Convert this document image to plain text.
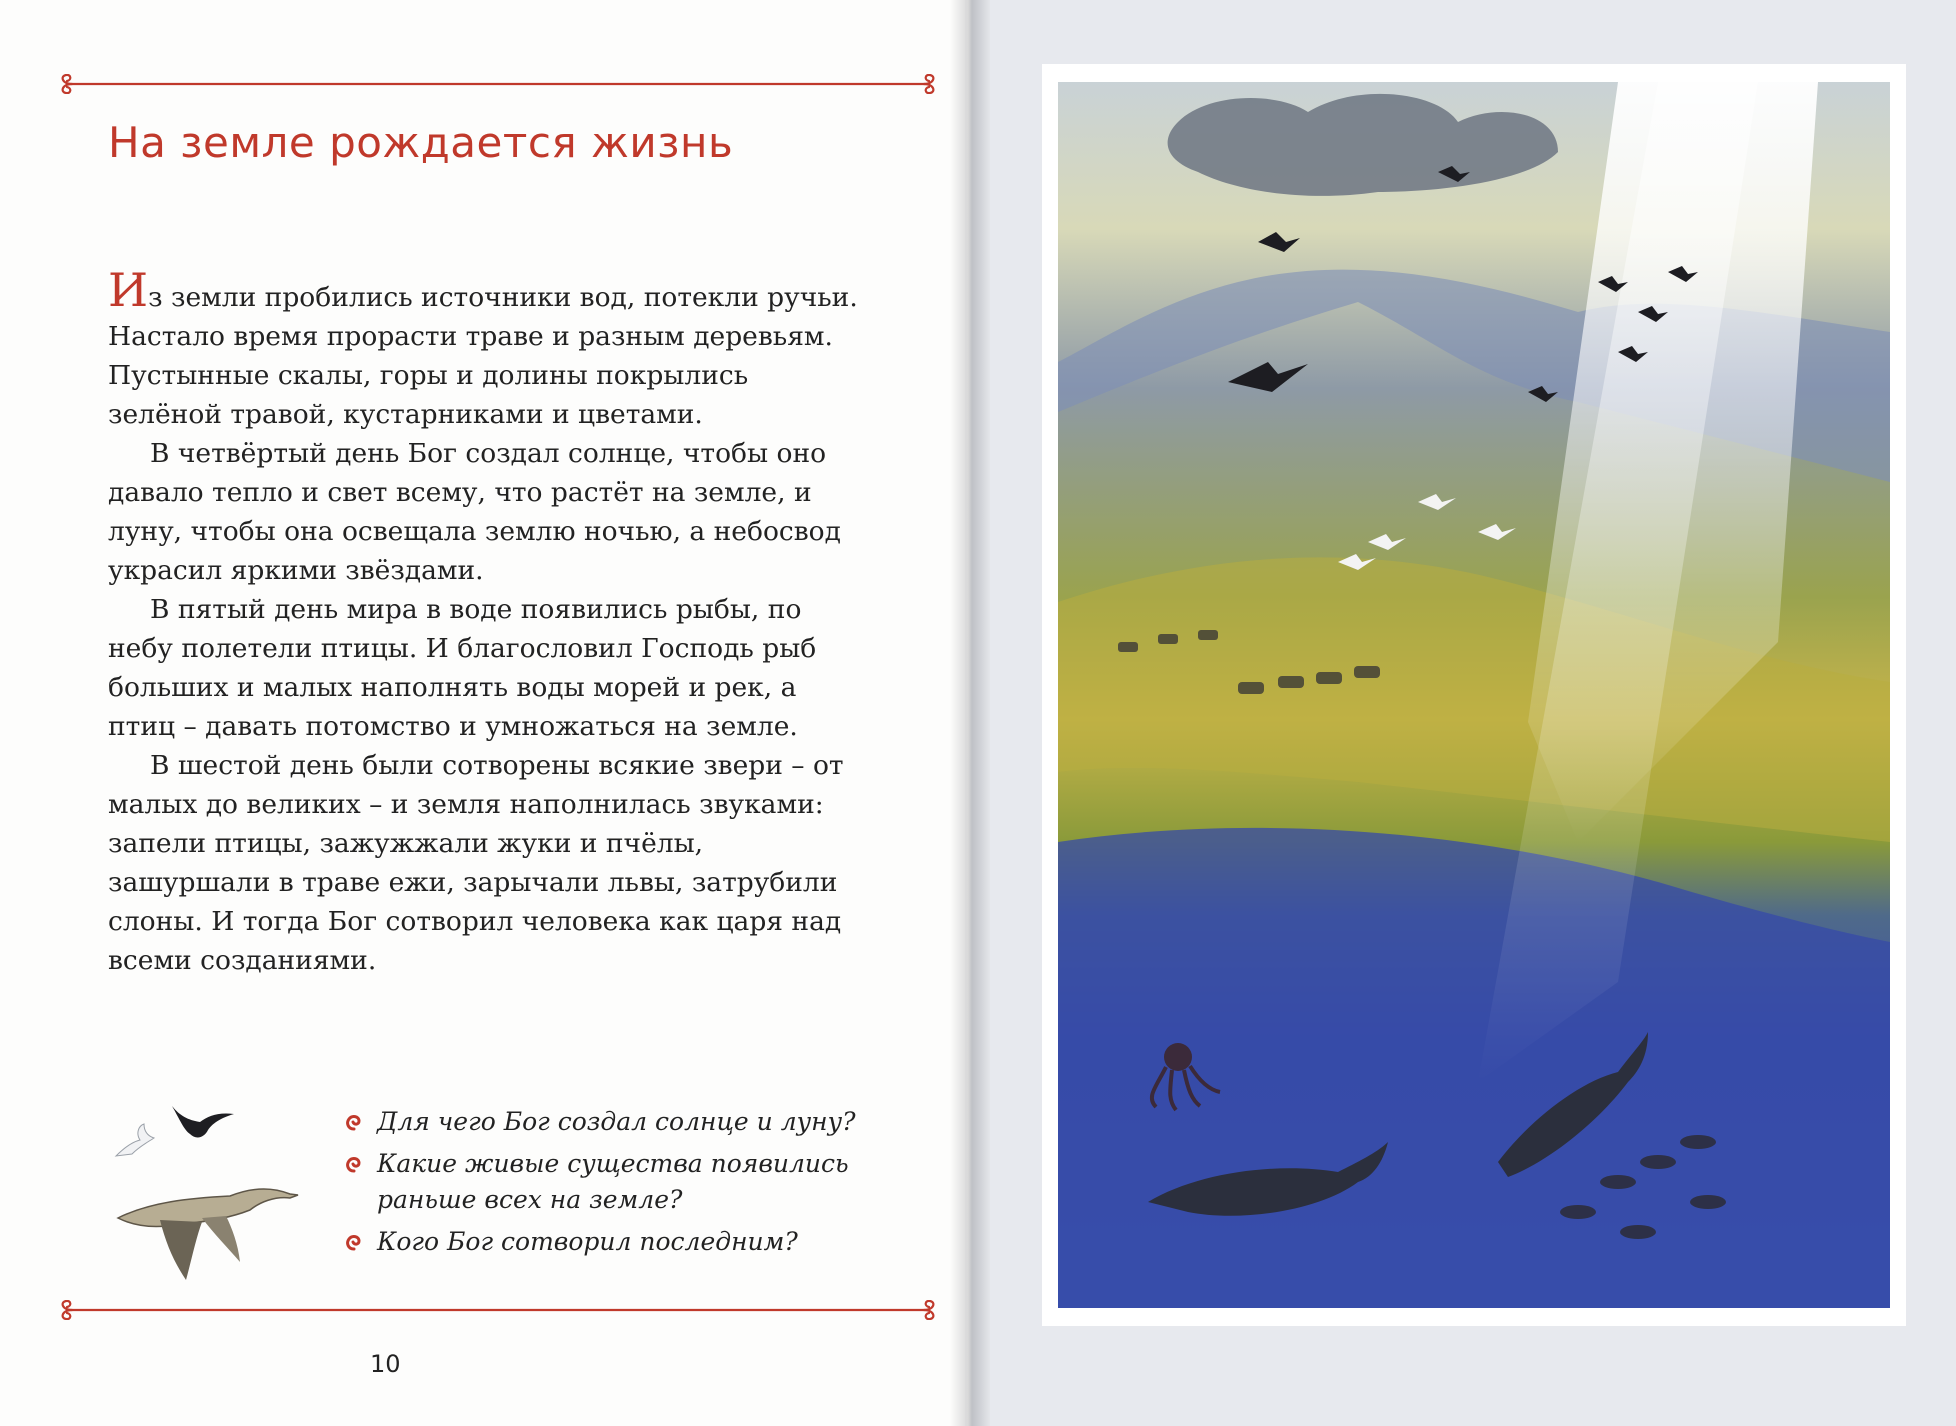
На земле рождается жизнь

Из земли пробились источники вод, потекли ручьи. Настало время прорасти траве и разным деревьям. Пустынные скалы, горы и долины покрылись зелёной травой, кустарниками и цветами.

В четвёртый день Бог создал солнце, чтобы оно давало тепло и свет всему, что растёт на земле, и луну, чтобы она освещала землю ночью, а небосвод украсил яркими звёздами.

В пятый день мира в воде появились рыбы, по небу полетели птицы. И благословил Господь рыб больших и малых наполнять воды морей и рек, а птиц – давать потомство и умножаться на земле.

В шестой день были сотворены всякие звери – от малых до великих – и земля наполнилась звуками: запели птицы, зажужжали жуки и пчёлы, зашуршали в траве ежи, зарычали львы, затрубили слоны. И тогда Бог сотворил человека как царя над всеми созданиями.

Для чего Бог создал солнце и луну?
Какие живые существа появились раньше всех на земле?
Кого Бог сотворил последним?
10
